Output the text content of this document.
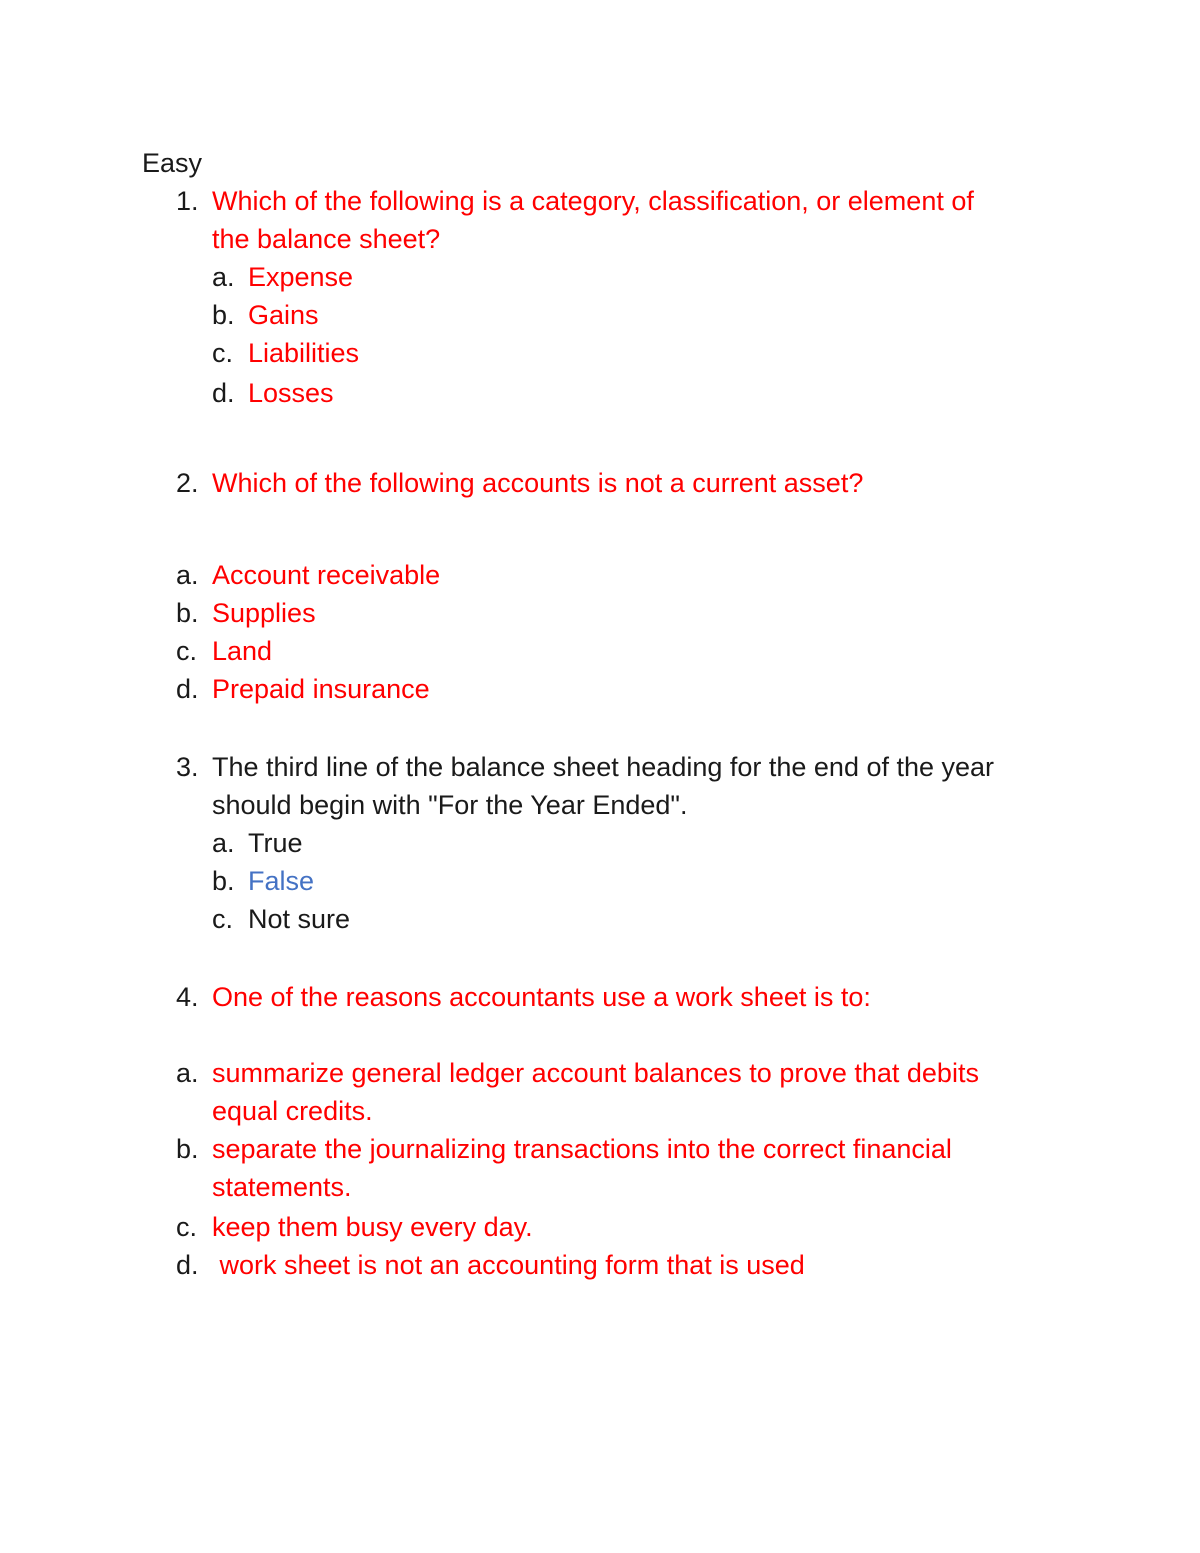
Easy
1. Which of the following is a category, classification, or element of
the balance sheet?
a. Expense
b. Gains
c. Liabilities
d. Losses
2. Which of the following accounts is not a current asset?
a. Account receivable
b. Supplies
c. Land
d. Prepaid insurance
3. The third line of the balance sheet heading for the end of the year
should begin with "For the Year Ended".
a. True
b. False
c. Not sure
4. One of the reasons accountants use a work sheet is to:
a. summarize general ledger account balances to prove that debits
equal credits.
b. separate the journalizing transactions into the correct financial
statements.
c. keep them busy every day.
d. work sheet is not an accounting form that is used
